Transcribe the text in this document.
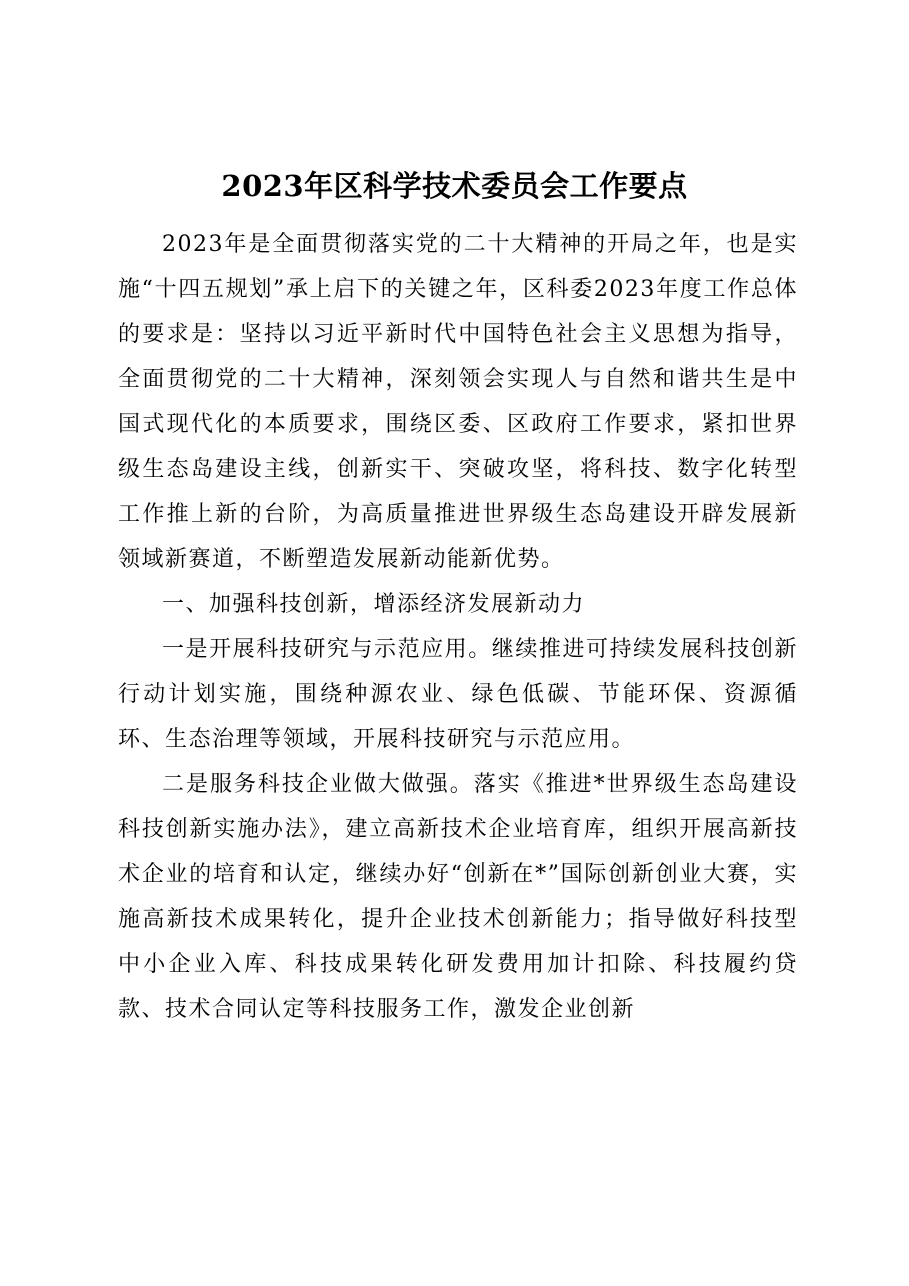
2023年区科学技术委员会工作要点

2023年是全面贯彻落实党的二十大精神的开局之年，也是实施“十四五规划”承上启下的关键之年，区科委2023年度工作总体的要求是：坚持以习近平新时代中国特色社会主义思想为指导，全面贯彻党的二十大精神，深刻领会实现人与自然和谐共生是中国式现代化的本质要求，围绕区委、区政府工作要求，紧扣世界级生态岛建设主线，创新实干、突破攻坚，将科技、数字化转型工作推上新的台阶，为高质量推进世界级生态岛建设开辟发展新领域新赛道，不断塑造发展新动能新优势。

一、加强科技创新，增添经济发展新动力

一是开展科技研究与示范应用。继续推进可持续发展科技创新行动计划实施，围绕种源农业、绿色低碳、节能环保、资源循环、生态治理等领域，开展科技研究与示范应用。

二是服务科技企业做大做强。落实《推进*世界级生态岛建设科技创新实施办法》，建立高新技术企业培育库，组织开展高新技术企业的培育和认定，继续办好“创新在*”国际创新创业大赛，实施高新技术成果转化，提升企业技术创新能力；指导做好科技型中小企业入库、科技成果转化研发费用加计扣除、科技履约贷款、技术合同认定等科技服务工作，激发企业创新
